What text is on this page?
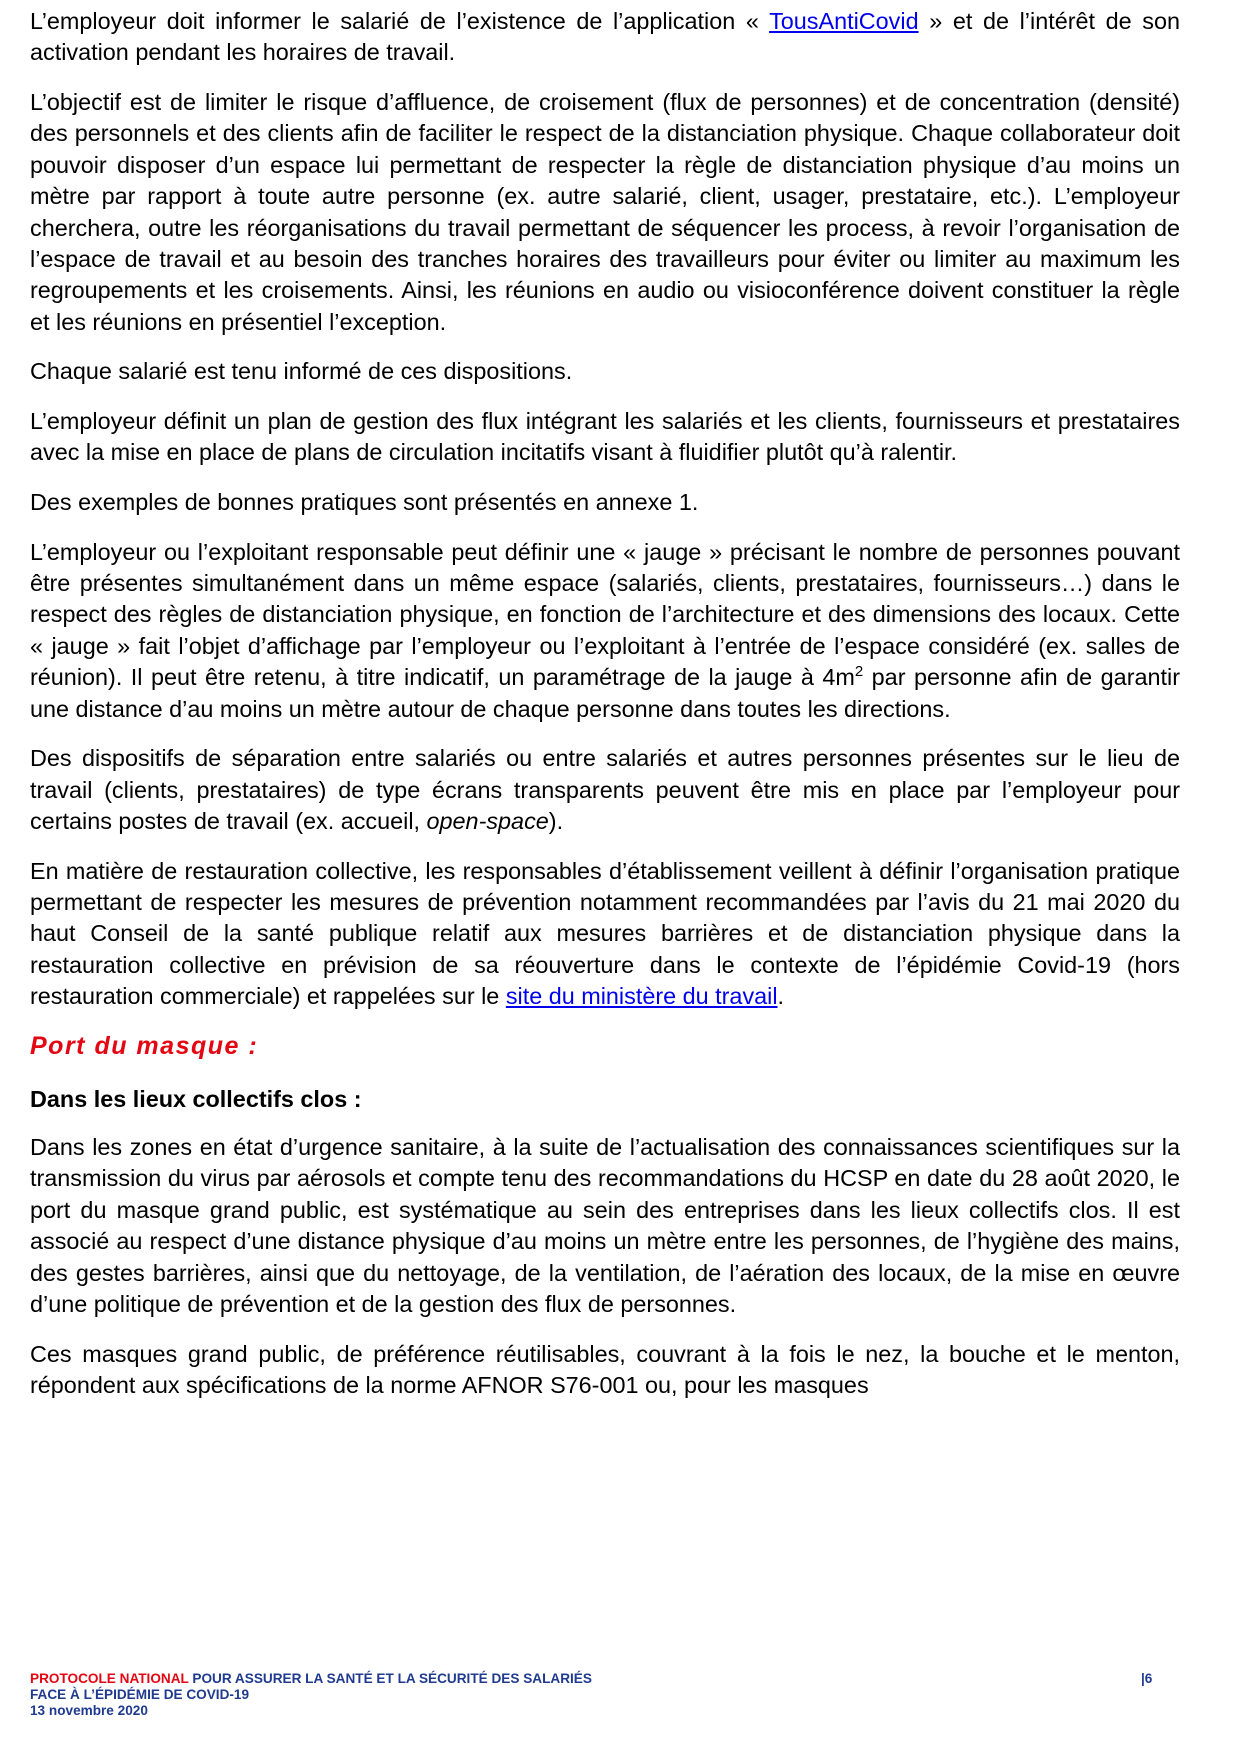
L’employeur doit informer le salarié de l’existence de l’application « TousAntiCovid » et de l’intérêt de son activation pendant les horaires de travail.

L’objectif est de limiter le risque d’affluence, de croisement (flux de personnes) et de concentration (densité) des personnels et des clients afin de faciliter le respect de la distanciation physique. Chaque collaborateur doit pouvoir disposer d’un espace lui permettant de respecter la règle de distanciation physique d’au moins un mètre par rapport à toute autre personne (ex. autre salarié, client, usager, prestataire, etc.). L’employeur cherchera, outre les réorganisations du travail permettant de séquencer les process, à revoir l’organisation de l’espace de travail et au besoin des tranches horaires des travailleurs pour éviter ou limiter au maximum les regroupements et les croisements. Ainsi, les réunions en audio ou visioconférence doivent constituer la règle et les réunions en présentiel l’exception.

Chaque salarié est tenu informé de ces dispositions.

L’employeur définit un plan de gestion des flux intégrant les salariés et les clients, fournisseurs et prestataires avec la mise en place de plans de circulation incitatifs visant à fluidifier plutôt qu’à ralentir.

Des exemples de bonnes pratiques sont présentés en annexe 1.

L’employeur ou l’exploitant responsable peut définir une « jauge » précisant le nombre de personnes pouvant être présentes simultanément dans un même espace (salariés, clients, prestataires, fournisseurs…) dans le respect des règles de distanciation physique, en fonction de l’architecture et des dimensions des locaux. Cette « jauge » fait l’objet d’affichage par l’employeur ou l’exploitant à l’entrée de l’espace considéré (ex. salles de réunion). Il peut être retenu, à titre indicatif, un paramétrage de la jauge à $4m^2$ par personne afin de garantir une distance d’au moins un mètre autour de chaque personne dans toutes les directions.

Des dispositifs de séparation entre salariés ou entre salariés et autres personnes présentes sur le lieu de travail (clients, prestataires) de type écrans transparents peuvent être mis en place par l’employeur pour certains postes de travail (ex. accueil, open-space).

En matière de restauration collective, les responsables d’établissement veillent à définir l’organisation pratique permettant de respecter les mesures de prévention notamment recommandées par l’avis du 21 mai 2020 du haut Conseil de la santé publique relatif aux mesures barrières et de distanciation physique dans la restauration collective en prévision de sa réouverture dans le contexte de l’épidémie Covid-19 (hors restauration commerciale) et rappelées sur le site du ministère du travail.

Port du masque :
Dans les lieux collectifs clos :

Dans les zones en état d’urgence sanitaire, à la suite de l’actualisation des connaissances scientifiques sur la transmission du virus par aérosols et compte tenu des recommandations du HCSP en date du 28 août 2020, le port du masque grand public, est systématique au sein des entreprises dans les lieux collectifs clos. Il est associé au respect d’une distance physique d’au moins un mètre entre les personnes, de l’hygiène des mains, des gestes barrières, ainsi que du nettoyage, de la ventilation, de l’aération des locaux, de la mise en œuvre d’une politique de prévention et de la gestion des flux de personnes.

Ces masques grand public, de préférence réutilisables, couvrant à la fois le nez, la bouche et le menton, répondent aux spécifications de la norme AFNOR S76-001 ou, pour les masques

PROTOCOLE NATIONAL POUR ASSURER LA SANTÉ ET LA SÉCURITÉ DES SALARIÉS
FACE À L’ÉPIDÉMIE DE COVID-19
13 novembre 2020
|6
